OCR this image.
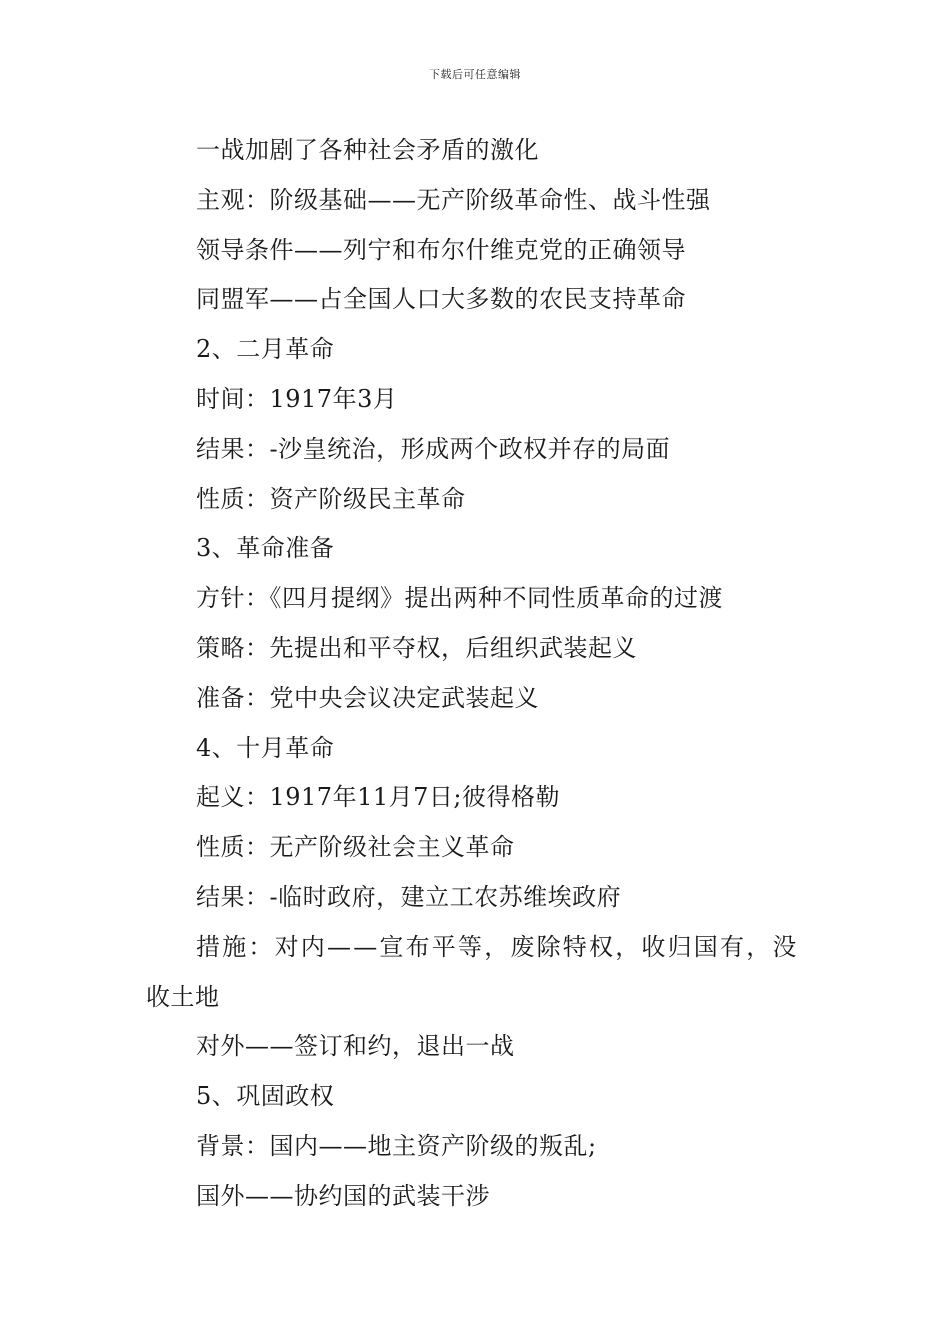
下载后可任意编辑
一战加剧了各种社会矛盾的激化
主观：阶级基础——无产阶级革命性、战斗性强
领导条件——列宁和布尔什维克党的正确领导
同盟军——占全国人口大多数的农民支持革命
2、二月革命
时间：1917年3月
结果：-沙皇统治，形成两个政权并存的局面
性质：资产阶级民主革命
3、革命准备
方针：《四月提纲》提出两种不同性质革命的过渡
策略：先提出和平夺权，后组织武装起义
准备：党中央会议决定武装起义
4、十月革命
起义：1917年11月7日;彼得格勒
性质：无产阶级社会主义革命
结果：-临时政府，建立工农苏维埃政府
措施：对内——宣布平等，废除特权，收归国有，没
收土地
对外——签订和约，退出一战
5、巩固政权
背景：国内——地主资产阶级的叛乱;
国外——协约国的武装干涉
